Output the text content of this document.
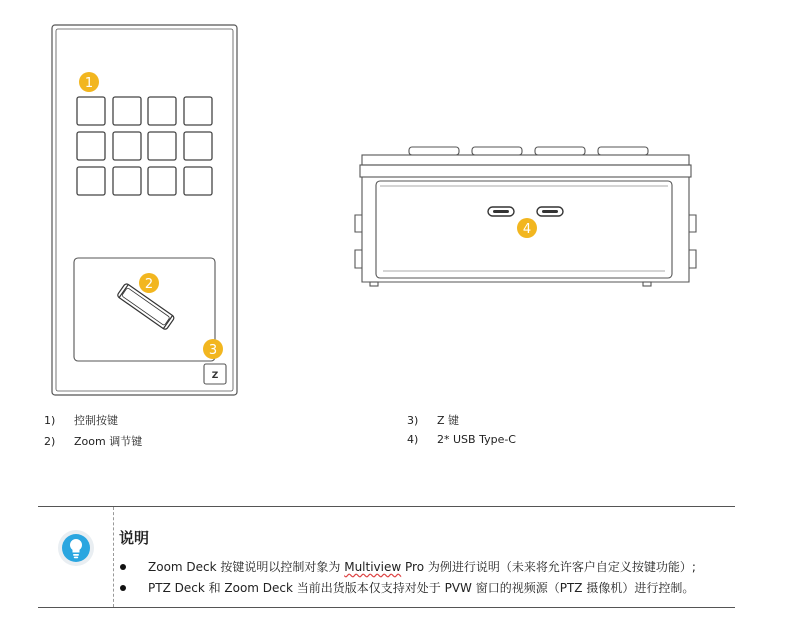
Z
1
2
3
4
1) 控制按键
2) Zoom 调节键
3) Z 键
4) 2* USB Type-C
说明
Zoom Deck 按键说明以控制对象为 Multiview Pro 为例进行说明（未来将允许客户自定义按键功能）;
PTZ Deck 和 Zoom Deck 当前出货版本仅支持对处于 PVW 窗口的视频源（PTZ 摄像机）进行控制。
